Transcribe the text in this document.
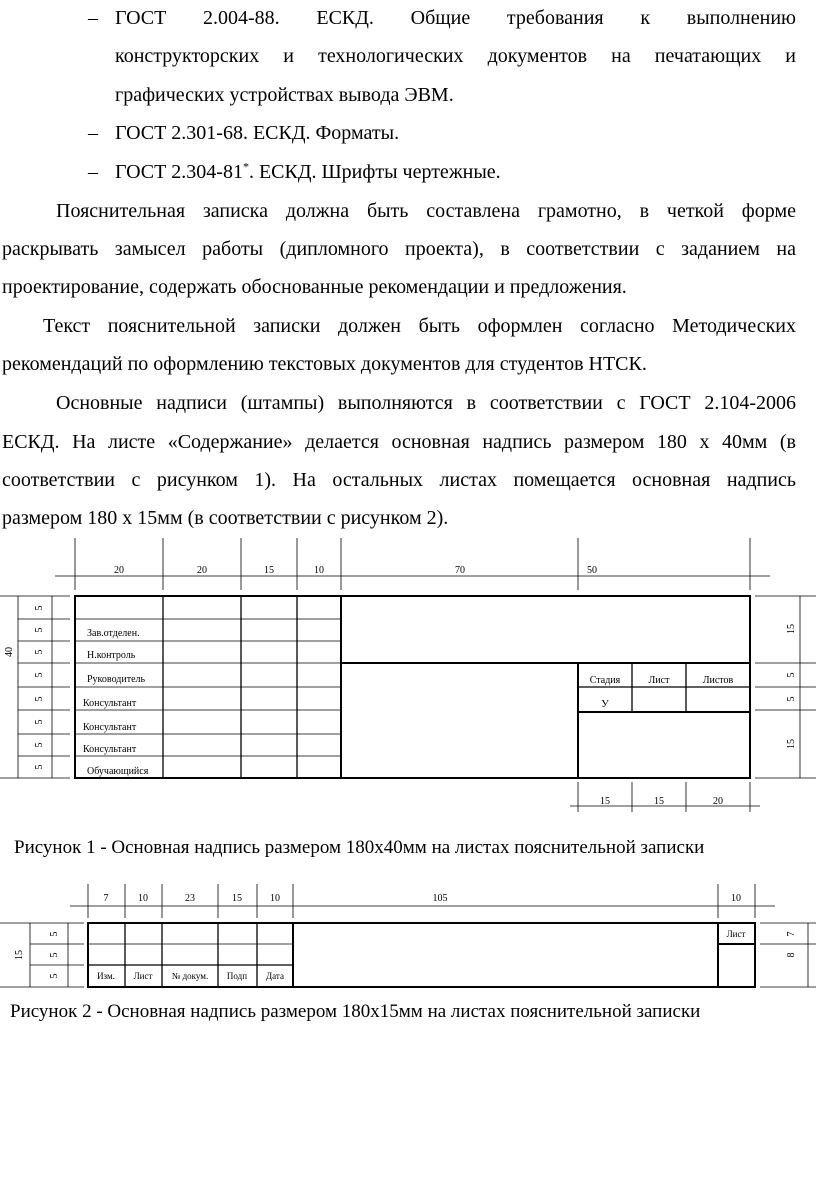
– ГОСТ 2.004-88. ЕСКД. Общие требования к выполнению
конструкторских и технологических документов на печатающих и
графических устройствах вывода ЭВМ.
– ГОСТ 2.301-68. ЕСКД. Форматы.
– ГОСТ 2.304-81*. ЕСКД. Шрифты чертежные.
Пояснительная записка должна быть составлена грамотно, в четкой форме
раскрывать замысел работы (дипломного проекта), в соответствии с заданием на
проектирование, содержать обоснованные рекомендации и предложения.
Текст пояснительной записки должен быть оформлен согласно Методических
рекомендаций по оформлению текстовых документов для студентов НТСК.
Основные надписи (штампы) выполняются в соответствии с ГОСТ 2.104-2006
ЕСКД. На листе «Содержание» делается основная надпись размером 180 х 40мм (в
соответствии с рисунком 1). На остальных листах помещается основная надпись
размером 180 х 15мм (в соответствии с рисунком 2).
20	20	15	10	70	50
40
5
5
5
5
5
5
5
5
15
5
5
15
15	15	20
Зав.отделен.
Н.контроль
Руководитель
Консультант
Консультант
Консультант
Обучающийся
Стадия	Лист	Листов
У
Рисунок 1 - Основная надпись размером 180х40мм на листах пояснительной записки
7	10	23	15	10	105	10
15
5
5
5
7
8
Изм. Лист № докум. Подп Дата
Лист
Рисунок 2 - Основная надпись размером 180х15мм на листах пояснительной записки
